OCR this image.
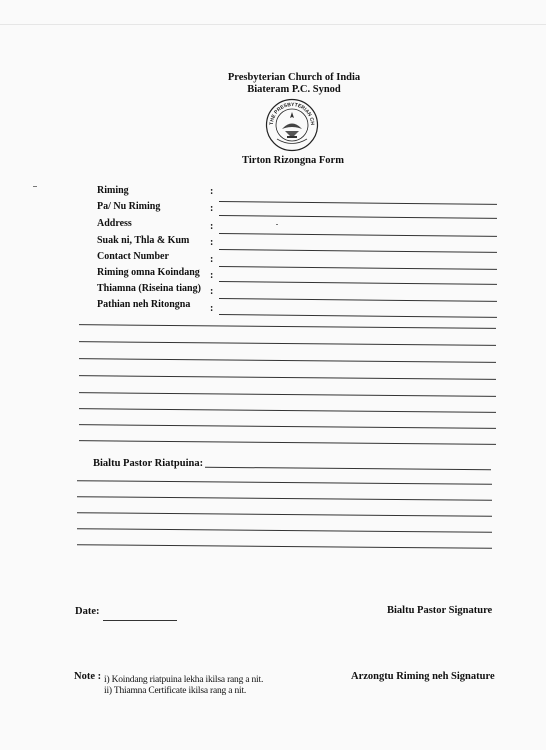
Presbyterian Church of India
Biateram P.C. Synod
THE PRESBYTERIAN CH
Tirton Rizongna Form
Riming	:
Pa/ Nu Riming	:
Address	:
Suak ni, Thla & Kum :
Contact Number	:
Riming omna Koindang :
Thiamna (Riseina tiang) :
Pathian neh Ritongna :
Bialtu Pastor Riatpuina:
Date:	Bialtu Pastor Signature
Note : i) Koindang riatpuina lekha ikilsa rang a nit.
ii) Thiamna Certificate ikilsa rang a nit.
Arzongtu Riming neh Signature
